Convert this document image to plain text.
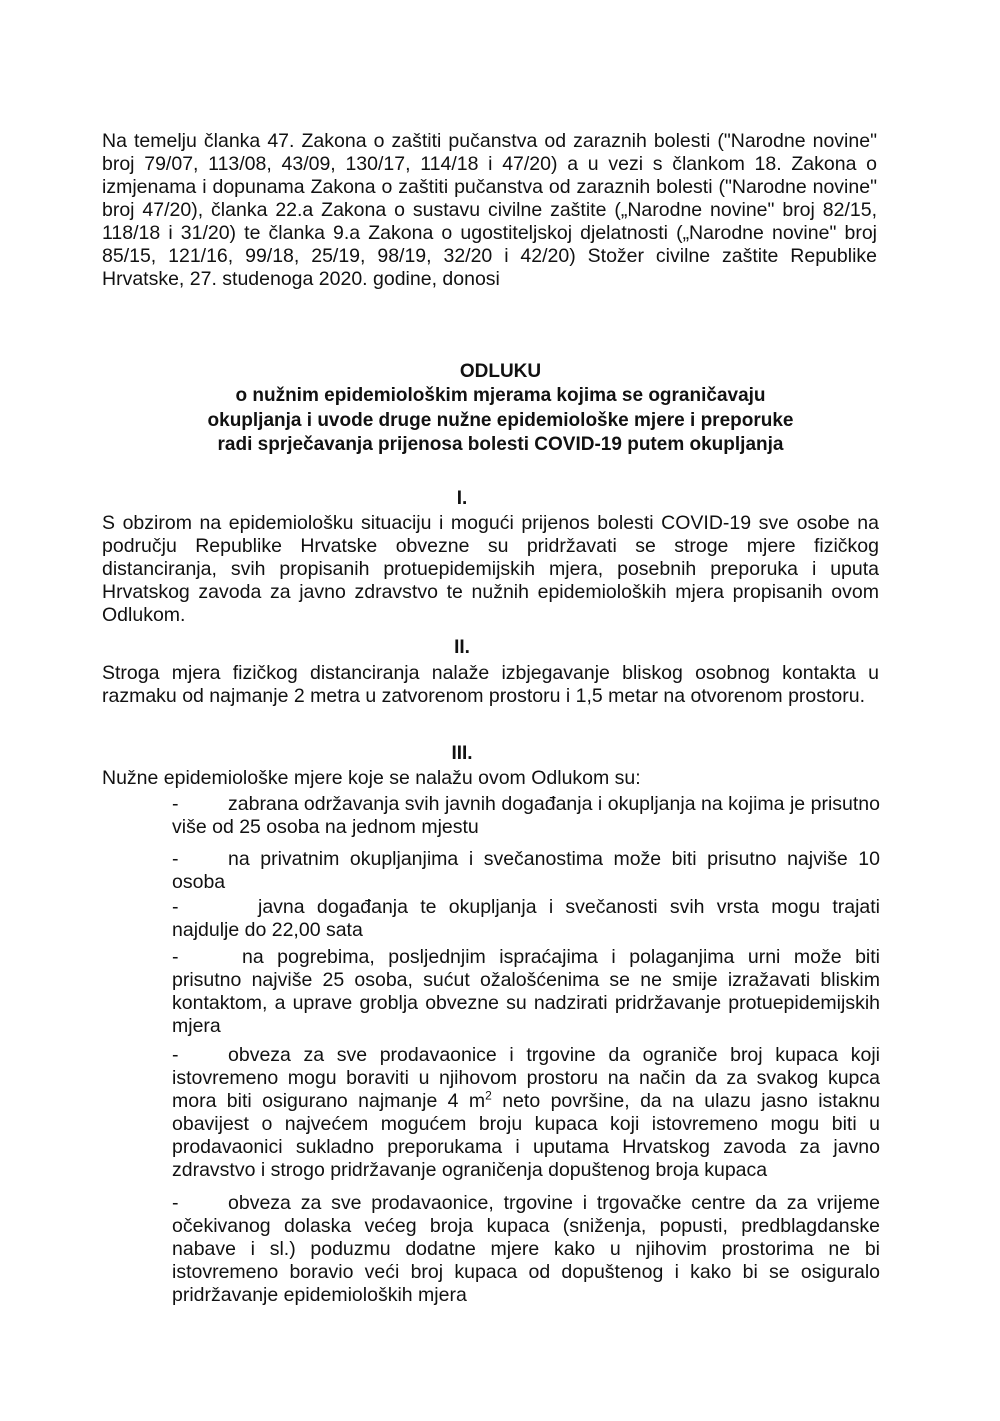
Na temelju članka 47. Zakona o zaštiti pučanstva od zaraznih bolesti ("Narodne novine" broj 79/07, 113/08, 43/09, 130/17, 114/18 i 47/20) a u vezi s člankom 18. Zakona o izmjenama i dopunama Zakona o zaštiti pučanstva od zaraznih bolesti ("Narodne novine" broj 47/20), članka 22.a Zakona o sustavu civilne zaštite („Narodne novine" broj 82/15, 118/18 i 31/20) te članka 9.a Zakona o ugostiteljskoj djelatnosti („Narodne novine" broj 85/15, 121/16, 99/18, 25/19, 98/19, 32/20 i 42/20) Stožer civilne zaštite Republike Hrvatske, 27. studenoga 2020. godine, donosi

ODLUKU

o nužnim epidemiološkim mjerama kojima se ograničavaju
okupljanja i uvode druge nužne epidemiološke mjere i preporuke
radi sprječavanja prijenosa bolesti COVID-19 putem okupljanja

I.

S obzirom na epidemiološku situaciju i mogući prijenos bolesti COVID-19 sve osobe na području Republike Hrvatske obvezne su pridržavati se stroge mjere fizičkog distanciranja, svih propisanih protuepidemijskih mjera, posebnih preporuka i uputa Hrvatskog zavoda za javno zdravstvo te nužnih epidemioloških mjera propisanih ovom Odlukom.

II.

Stroga mjera fizičkog distanciranja nalaže izbjegavanje bliskog osobnog kontakta u razmaku od najmanje 2 metra u zatvorenom prostoru i 1,5 metar na otvorenom prostoru.

III.

Nužne epidemiološke mjere koje se nalažu ovom Odlukom su:

-	zabrana održavanja svih javnih događanja i okupljanja na kojima je prisutno više od 25 osoba na jednom mjestu

-	na privatnim okupljanjima i svečanostima može biti prisutno najviše 10 osoba

-	javna događanja te okupljanja i svečanosti svih vrsta mogu trajati najdulje do 22,00 sata

-	na pogrebima, posljednjim ispraćajima i polaganjima urni može biti prisutno najviše 25 osoba, sućut ožalošćenima se ne smije izražavati bliskim kontaktom, a uprave groblja obvezne su nadzirati pridržavanje protuepidemijskih mjera

-	obveza za sve prodavaonice i trgovine da ograniče broj kupaca koji istovremeno mogu boraviti u njihovom prostoru na način da za svakog kupca mora biti osigurano najmanje 4 $m^2$ neto površine, da na ulazu jasno istaknu obavijest o najvećem mogućem broju kupaca koji istovremeno mogu biti u prodavaonici sukladno preporukama i uputama Hrvatskog zavoda za javno zdravstvo i strogo pridržavanje ograničenja dopuštenog broja kupaca

-	obveza za sve prodavaonice, trgovine i trgovačke centre da za vrijeme očekivanog dolaska većeg broja kupaca (sniženja, popusti, predblagdanske nabave i sl.) poduzmu dodatne mjere kako u njihovim prostorima ne bi istovremeno boravio veći broj kupaca od dopuštenog i kako bi se osiguralo pridržavanje epidemioloških mjera
